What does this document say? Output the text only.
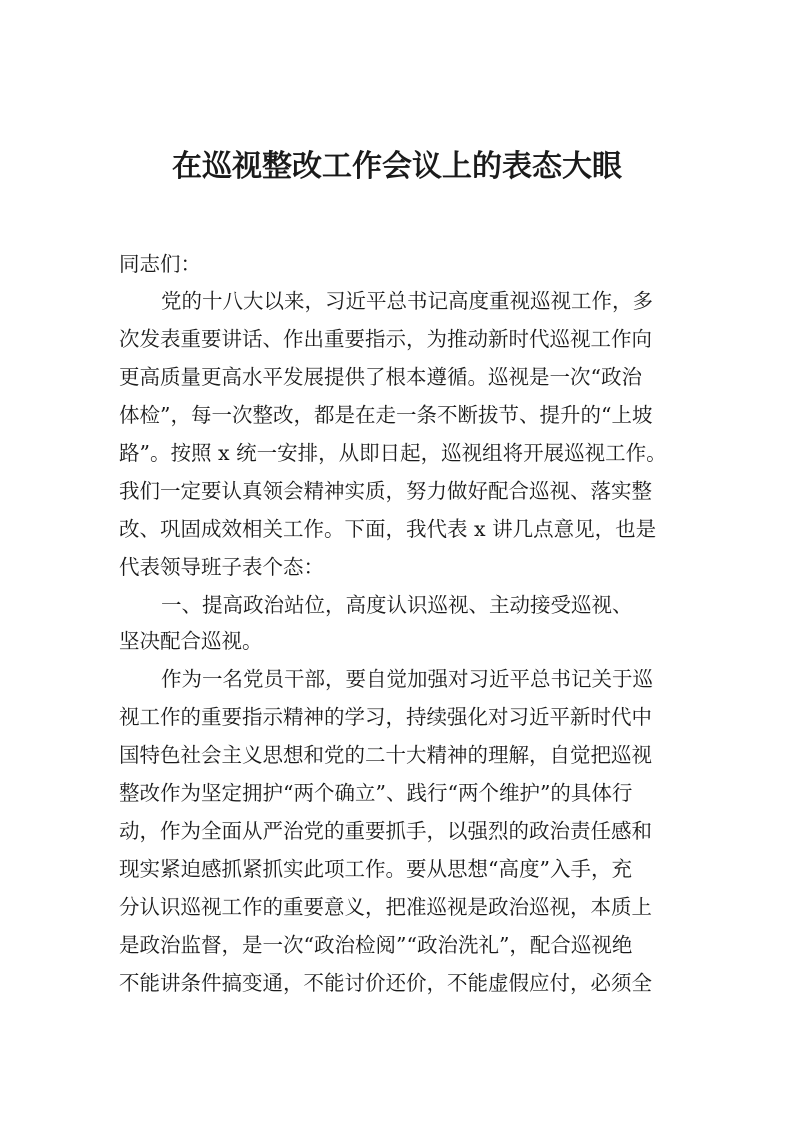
在巡视整改工作会议上的表态大眼
同志们：
党的十八大以来，习近平总书记高度重视巡视工作，多
次发表重要讲话、作出重要指示，为推动新时代巡视工作向
更高质量更高水平发展提供了根本遵循。巡视是一次“政治
体检”，每一次整改，都是在走一条不断拔节、提升的“上坡
路”。按照 x 统一安排，从即日起，巡视组将开展巡视工作。
我们一定要认真领会精神实质，努力做好配合巡视、落实整
改、巩固成效相关工作。下面，我代表 x 讲几点意见，也是
代表领导班子表个态：
一、提高政治站位，高度认识巡视、主动接受巡视、
坚决配合巡视。
作为一名党员干部，要自觉加强对习近平总书记关于巡
视工作的重要指示精神的学习，持续强化对习近平新时代中
国特色社会主义思想和党的二十大精神的理解，自觉把巡视
整改作为坚定拥护“两个确立”、践行“两个维护”的具体行
动，作为全面从严治党的重要抓手，以强烈的政治责任感和
现实紧迫感抓紧抓实此项工作。要从思想“高度”入手，充
分认识巡视工作的重要意义，把准巡视是政治巡视，本质上
是政治监督，是一次“政治检阅”“政治洗礼”，配合巡视绝
不能讲条件搞变通，不能讨价还价，不能虚假应付，必须全
